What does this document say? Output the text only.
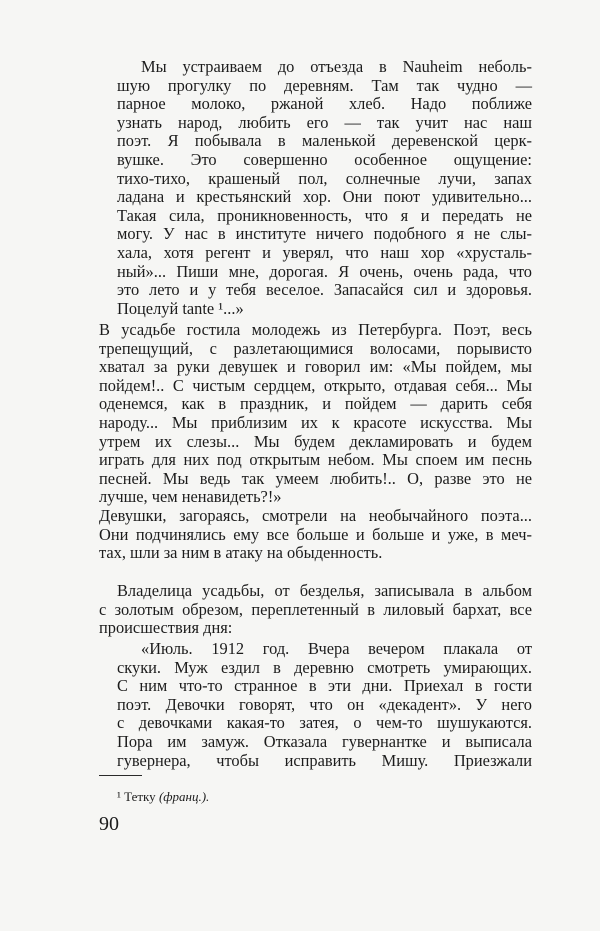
Мы устраиваем до отъезда в Nauheim неболь-
шую прогулку по деревням. Там так чудно —
парное молоко, ржаной хлеб. Надо поближе
узнать народ, любить его — так учит нас наш
поэт. Я побывала в маленькой деревенской церк-
вушке. Это совершенно особенное ощущение:
тихо-тихо, крашеный пол, солнечные лучи, запах
ладана и крестьянский хор. Они поют удивительно...
Такая сила, проникновенность, что я и передать не
могу. У нас в институте ничего подобного я не слы-
хала, хотя регент и уверял, что наш хор «хрусталь-
ный»... Пиши мне, дорогая. Я очень, очень рада, что
это лето и у тебя веселое. Запасайся сил и здоровья.
Поцелуй tante ¹...»
В усадьбе гостила молодежь из Петербурга. Поэт, весь
трепещущий, с разлетающимися волосами, порывисто
хватал за руки девушек и говорил им: «Мы пойдем, мы
пойдем!.. С чистым сердцем, открыто, отдавая себя... Мы
оденемся, как в праздник, и пойдем — дарить себя
народу... Мы приблизим их к красоте искусства. Мы
утрем их слезы... Мы будем декламировать и будем
играть для них под открытым небом. Мы споем им песнь
песней. Мы ведь так умеем любить!.. О, разве это не
лучше, чем ненавидеть?!»
Девушки, загораясь, смотрели на необычайного поэта...
Они подчинялись ему все больше и больше и уже, в меч-
тах, шли за ним в атаку на обыденность.
Владелица усадьбы, от безделья, записывала в альбом
с золотым обрезом, переплетенный в лиловый бархат, все
происшествия дня:
«Июль. 1912 год. Вчера вечером плакала от
скуки. Муж ездил в деревню смотреть умирающих.
С ним что-то странное в эти дни. Приехал в гости
поэт. Девочки говорят, что он «декадент». У него
с девочками какая-то затея, о чем-то шушукаются.
Пора им замуж. Отказала гувернантке и выписала
гувернера, чтобы исправить Мишу. Приезжали
¹ Тетку (франц.).
90
